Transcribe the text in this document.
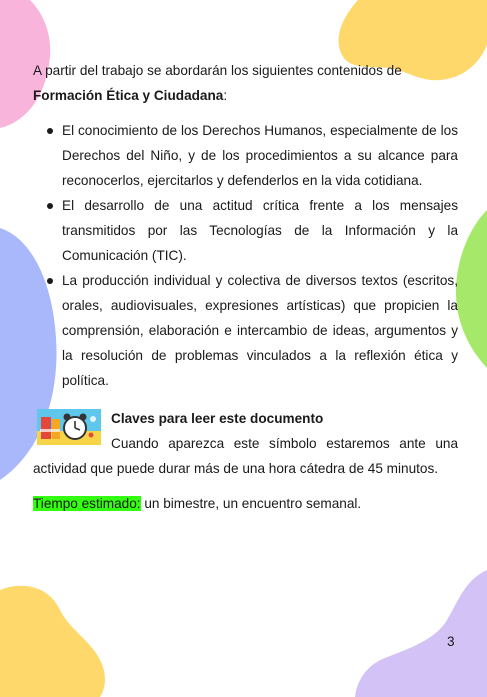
A partir del trabajo se abordarán los siguientes contenidos de
Formación Ética y Ciudadana:

El conocimiento de los Derechos Humanos, especialmente de los Derechos del Niño, y de los procedimientos a su alcance para reconocerlos, ejercitarlos y defenderlos en la vida cotidiana.
El desarrollo de una actitud crítica frente a los mensajes transmitidos por las Tecnologías de la Información y la Comunicación (TIC).
La producción individual y colectiva de diversos textos (escritos, orales, audiovisuales, expresiones artísticas) que propicien la comprensión, elaboración e intercambio de ideas, argumentos y la resolución de problemas vinculados a la reflexión ética y política.

Claves para leer este documento

Cuando aparezca este símbolo estaremos ante una actividad que puede durar más de una hora cátedra de 45 minutos.

Tiempo estimado: un bimestre, un encuentro semanal.

3
